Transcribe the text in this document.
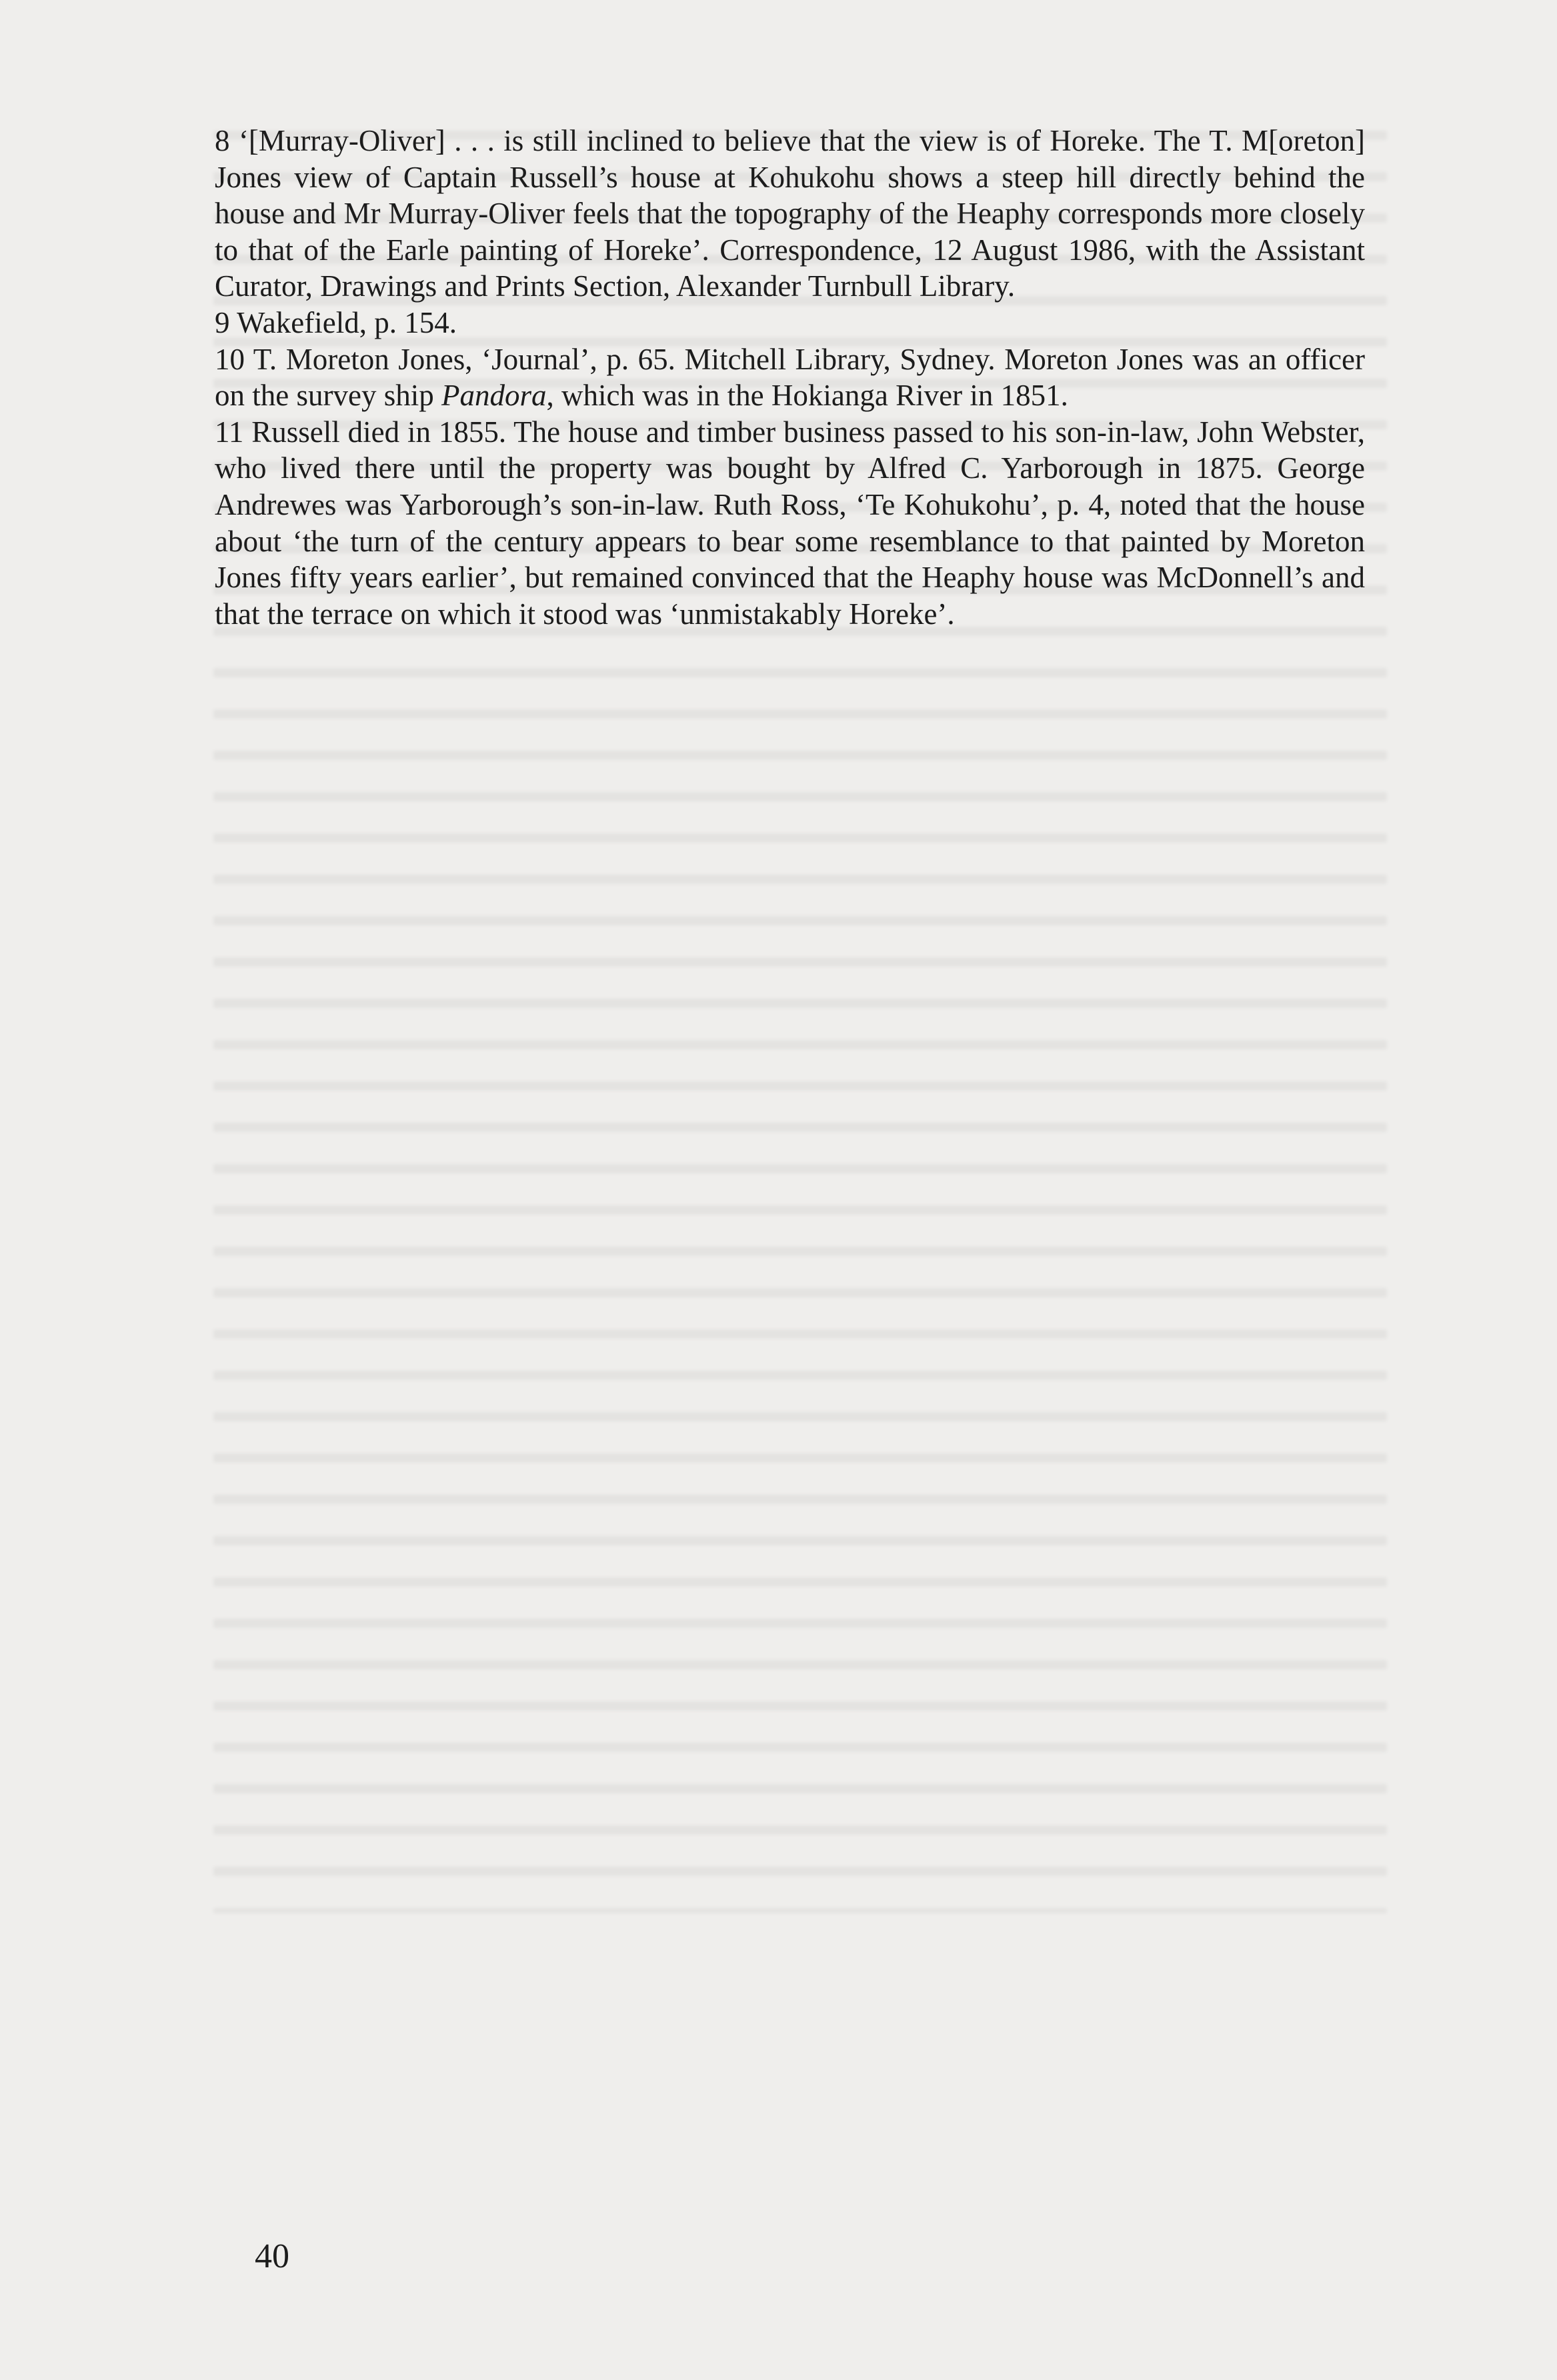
8 ‘[Murray-Oliver] . . . is still inclined to believe that the view is of Horeke. The T. M[oreton] Jones view of Captain Russell’s house at Kohukohu shows a steep hill directly behind the house and Mr Murray-Oliver feels that the topography of the Heaphy corresponds more closely to that of the Earle painting of Horeke’. Correspondence, 12 August 1986, with the Assistant Curator, Drawings and Prints Section, Alexander Turnbull Library.
9 Wakefield, p. 154.
10 T. Moreton Jones, ‘Journal’, p. 65. Mitchell Library, Sydney. Moreton Jones was an officer on the survey ship Pandora, which was in the Hokianga River in 1851.
11 Russell died in 1855. The house and timber business passed to his son-in-law, John Webster, who lived there until the property was bought by Alfred C. Yarborough in 1875. George Andrewes was Yarborough’s son-in-law. Ruth Ross, ‘Te Kohukohu’, p. 4, noted that the house about ‘the turn of the century appears to bear some resemblance to that painted by Moreton Jones fifty years earlier’, but remained convinced that the Heaphy house was McDonnell’s and that the terrace on which it stood was ‘unmistakably Horeke’.
40
